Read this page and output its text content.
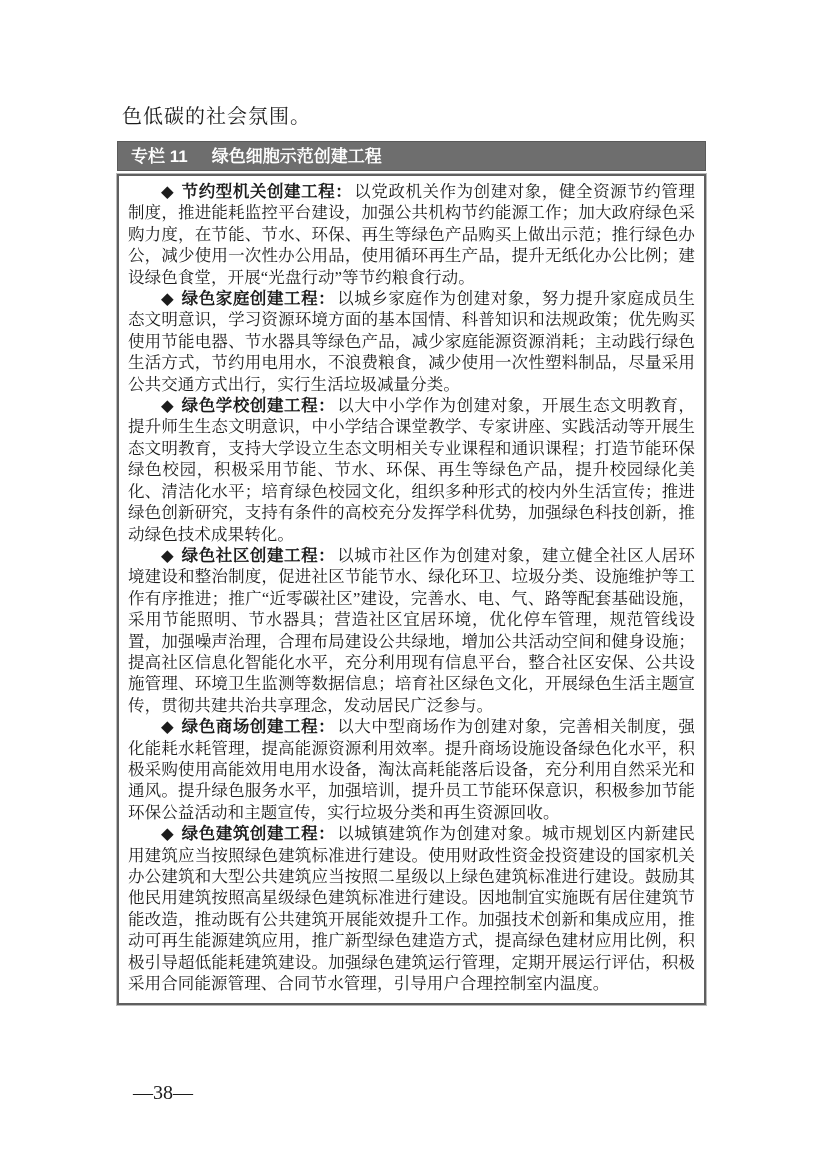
色低碳的社会氛围。

专栏 11 绿色细胞示范创建工程

◆ 节约型机关创建工程： 以党政机关作为创建对象，健全资源节约管理制度，推进能耗监控平台建设，加强公共机构节约能源工作；加大政府绿色采购力度，在节能、节水、环保、再生等绿色产品购买上做出示范；推行绿色办公，减少使用一次性办公用品，使用循环再生产品，提升无纸化办公比例；建设绿色食堂，开展“光盘行动”等节约粮食行动。

◆ 绿色家庭创建工程： 以城乡家庭作为创建对象，努力提升家庭成员生态文明意识，学习资源环境方面的基本国情、科普知识和法规政策；优先购买使用节能电器、节水器具等绿色产品，减少家庭能源资源消耗；主动践行绿色生活方式，节约用电用水，不浪费粮食，减少使用一次性塑料制品，尽量采用公共交通方式出行，实行生活垃圾减量分类。

◆ 绿色学校创建工程： 以大中小学作为创建对象，开展生态文明教育，提升师生生态文明意识，中小学结合课堂教学、专家讲座、实践活动等开展生态文明教育，支持大学设立生态文明相关专业课程和通识课程；打造节能环保绿色校园，积极采用节能、节水、环保、再生等绿色产品，提升校园绿化美化、清洁化水平；培育绿色校园文化，组织多种形式的校内外生活宣传；推进绿色创新研究，支持有条件的高校充分发挥学科优势，加强绿色科技创新，推动绿色技术成果转化。

◆ 绿色社区创建工程： 以城市社区作为创建对象，建立健全社区人居环境建设和整治制度，促进社区节能节水、绿化环卫、垃圾分类、设施维护等工作有序推进；推广“近零碳社区”建设，完善水、电、气、路等配套基础设施，采用节能照明、节水器具；营造社区宜居环境，优化停车管理，规范管线设置，加强噪声治理，合理布局建设公共绿地，增加公共活动空间和健身设施；提高社区信息化智能化水平，充分利用现有信息平台，整合社区安保、公共设施管理、环境卫生监测等数据信息；培育社区绿色文化，开展绿色生活主题宣传，贯彻共建共治共享理念，发动居民广泛参与。

◆ 绿色商场创建工程： 以大中型商场作为创建对象，完善相关制度，强化能耗水耗管理，提高能源资源利用效率。提升商场设施设备绿色化水平，积极采购使用高能效用电用水设备，淘汰高耗能落后设备，充分利用自然采光和通风。提升绿色服务水平，加强培训，提升员工节能环保意识，积极参加节能环保公益活动和主题宣传，实行垃圾分类和再生资源回收。

◆ 绿色建筑创建工程： 以城镇建筑作为创建对象。城市规划区内新建民用建筑应当按照绿色建筑标准进行建设。使用财政性资金投资建设的国家机关办公建筑和大型公共建筑应当按照二星级以上绿色建筑标准进行建设。鼓励其他民用建筑按照高星级绿色建筑标准进行建设。因地制宜实施既有居住建筑节能改造，推动既有公共建筑开展能效提升工作。加强技术创新和集成应用，推动可再生能源建筑应用，推广新型绿色建造方式，提高绿色建材应用比例，积极引导超低能耗建筑建设。加强绿色建筑运行管理，定期开展运行评估，积极采用合同能源管理、合同节水管理，引导用户合理控制室内温度。

—38—
